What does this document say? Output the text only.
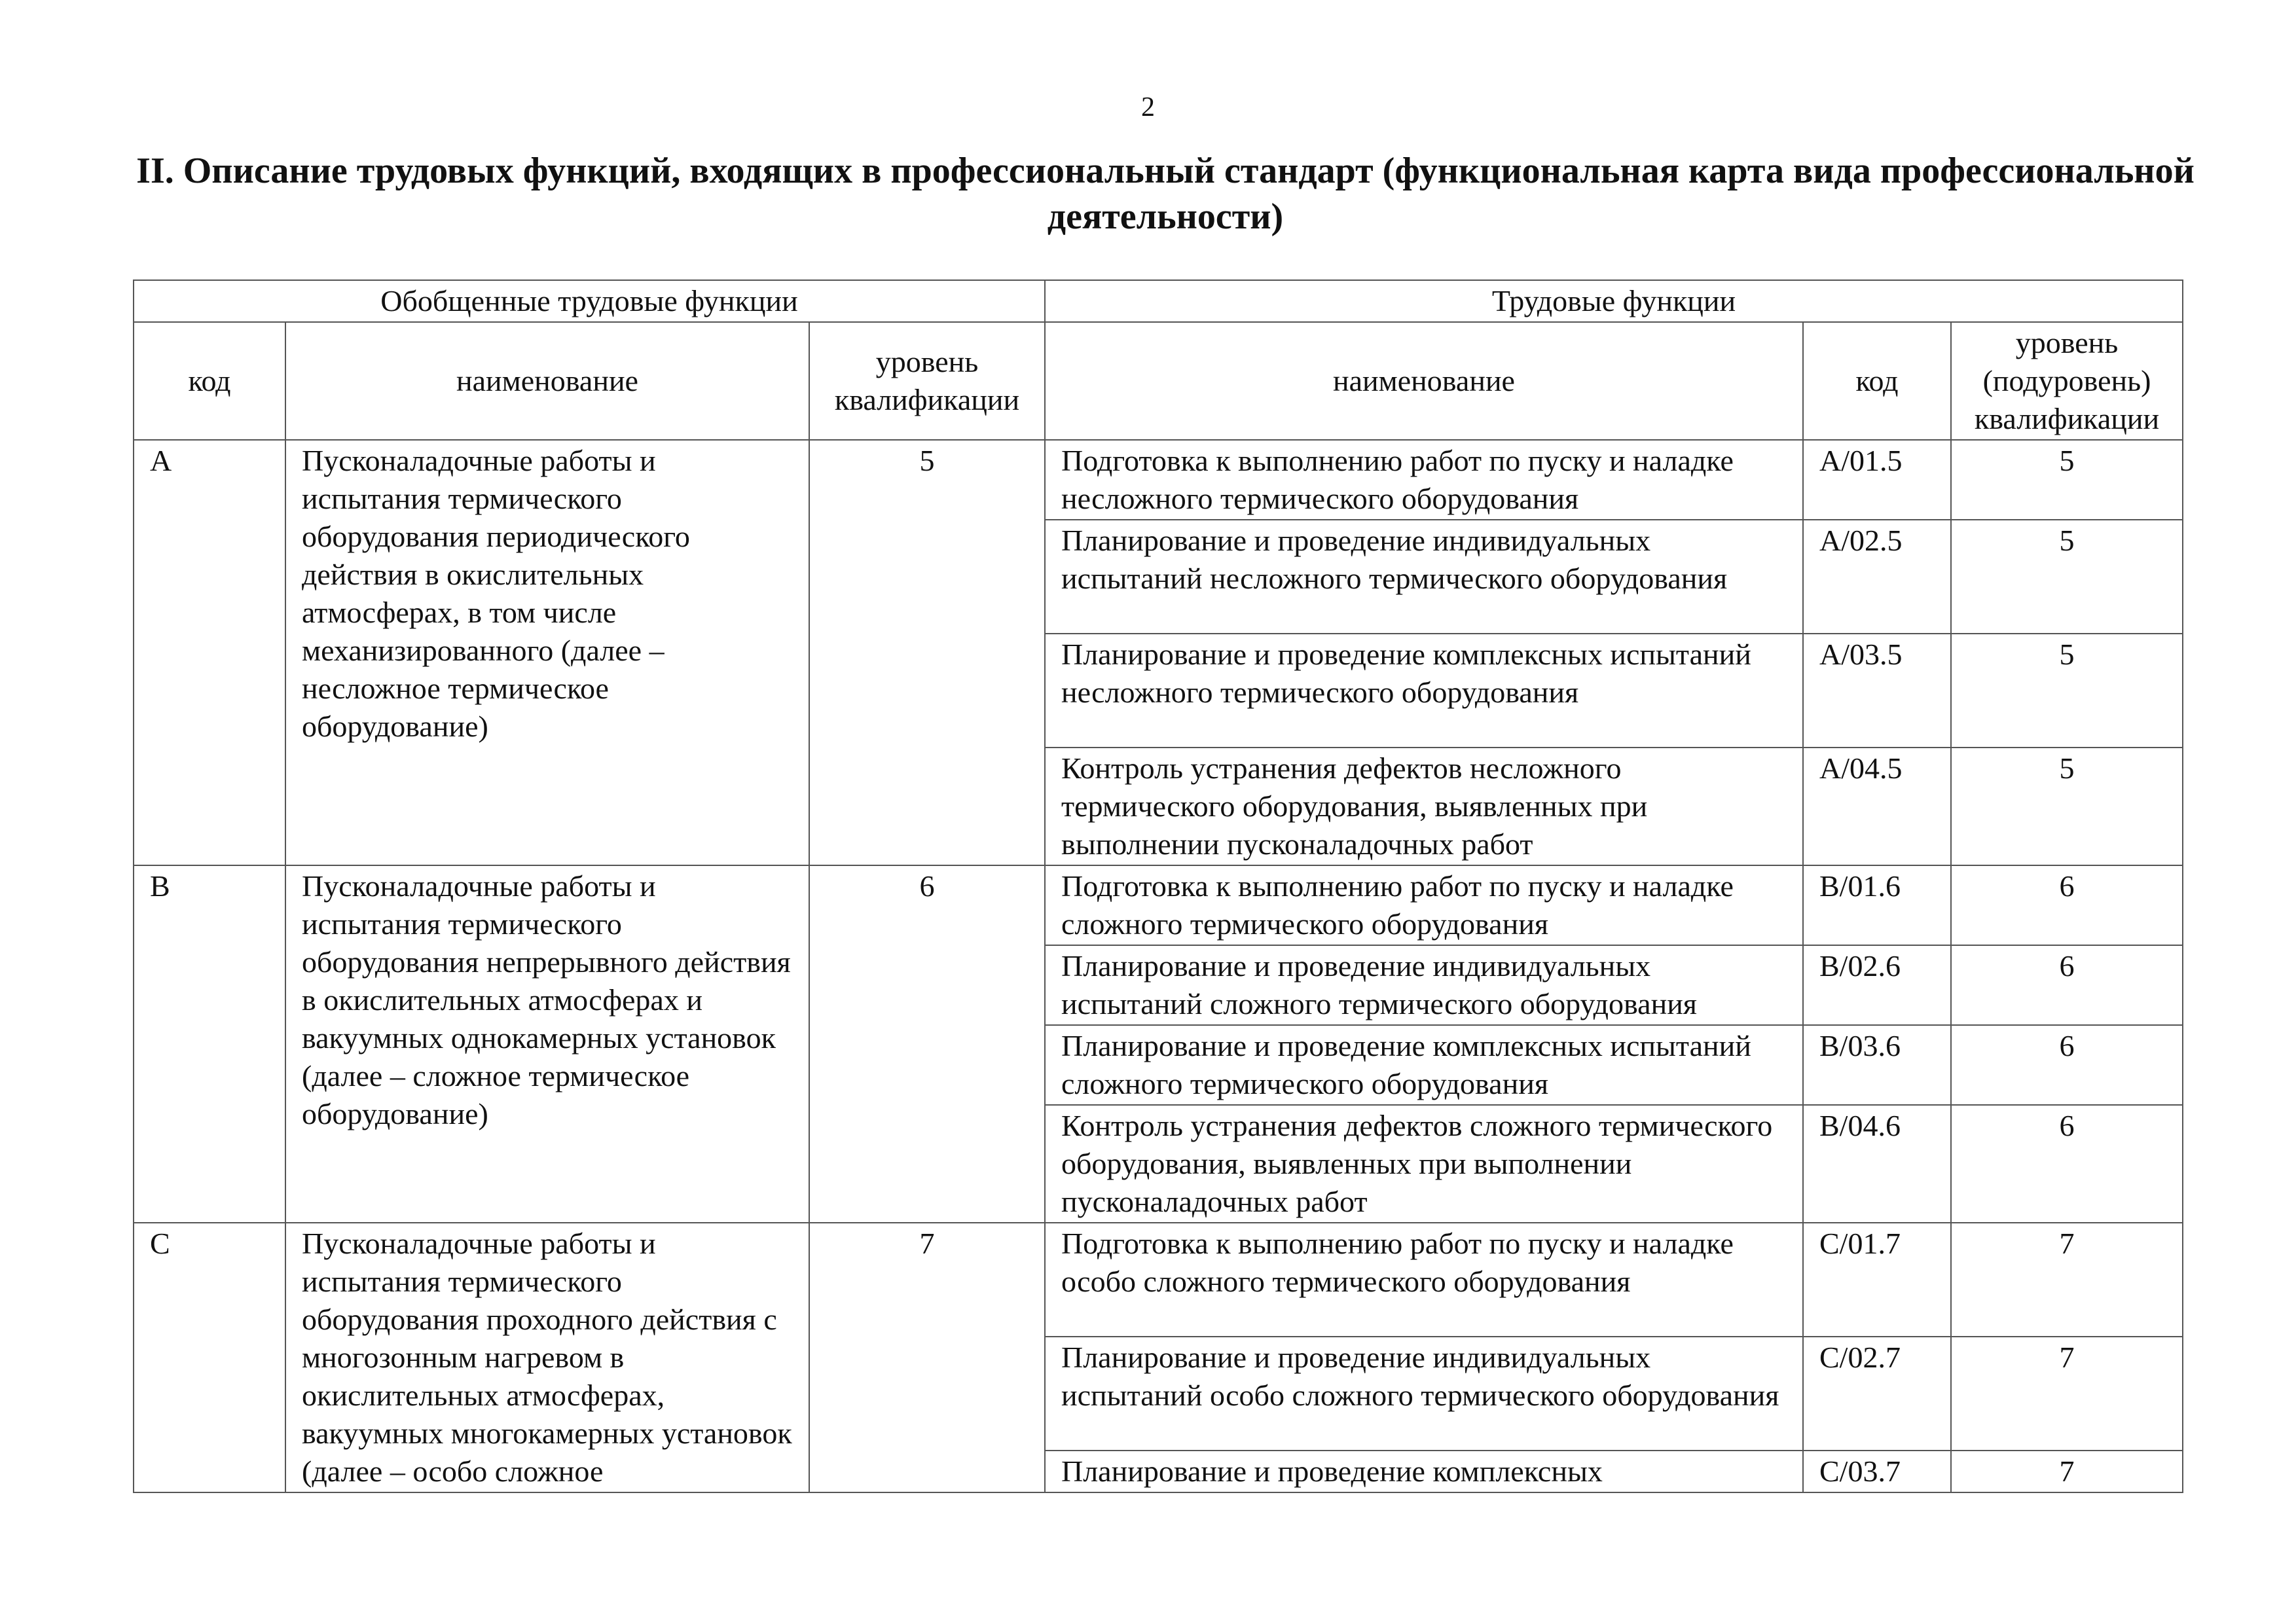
2
II. Описание трудовых функций, входящих в профессиональный стандарт (функциональная карта вида профессиональной деятельности)
Обобщенные трудовые функции			Трудовые функции		
код	наименование	уровень квалификации	наименование	код	уровень (подуровень) квалификации
A	Пусконаладочные работы и испытания термического оборудования периодического действия в окислительных атмосферах, в том числе механизированного (далее – несложное термическое оборудование)	5	Подготовка к выполнению работ по пуску и наладке несложного термического оборудования	A/01.5	5
			Планирование и проведение индивидуальных испытаний несложного термического оборудования	A/02.5	5
			Планирование и проведение комплексных испытаний несложного термического оборудования	A/03.5	5
			Контроль устранения дефектов несложного термического оборудования, выявленных при выполнении пусконаладочных работ	A/04.5	5
B	Пусконаладочные работы и испытания термического оборудования непрерывного действия в окислительных атмосферах и вакуумных однокамерных установок (далее – сложное термическое оборудование)	6	Подготовка к выполнению работ по пуску и наладке сложного термического оборудования	B/01.6	6
			Планирование и проведение индивидуальных испытаний сложного термического оборудования	B/02.6	6
			Планирование и проведение комплексных испытаний сложного термического оборудования	B/03.6	6
			Контроль устранения дефектов сложного термического оборудования, выявленных при выполнении пусконаладочных работ	B/04.6	6
C	Пусконаладочные работы и испытания термического оборудования проходного действия с многозонным нагревом в окислительных атмосферах, вакуумных многокамерных установок (далее – особо сложное	7	Подготовка к выполнению работ по пуску и наладке особо сложного термического оборудования	C/01.7	7
			Планирование и проведение индивидуальных испытаний особо сложного термического оборудования	C/02.7	7
			Планирование и проведение комплексных	C/03.7	7
